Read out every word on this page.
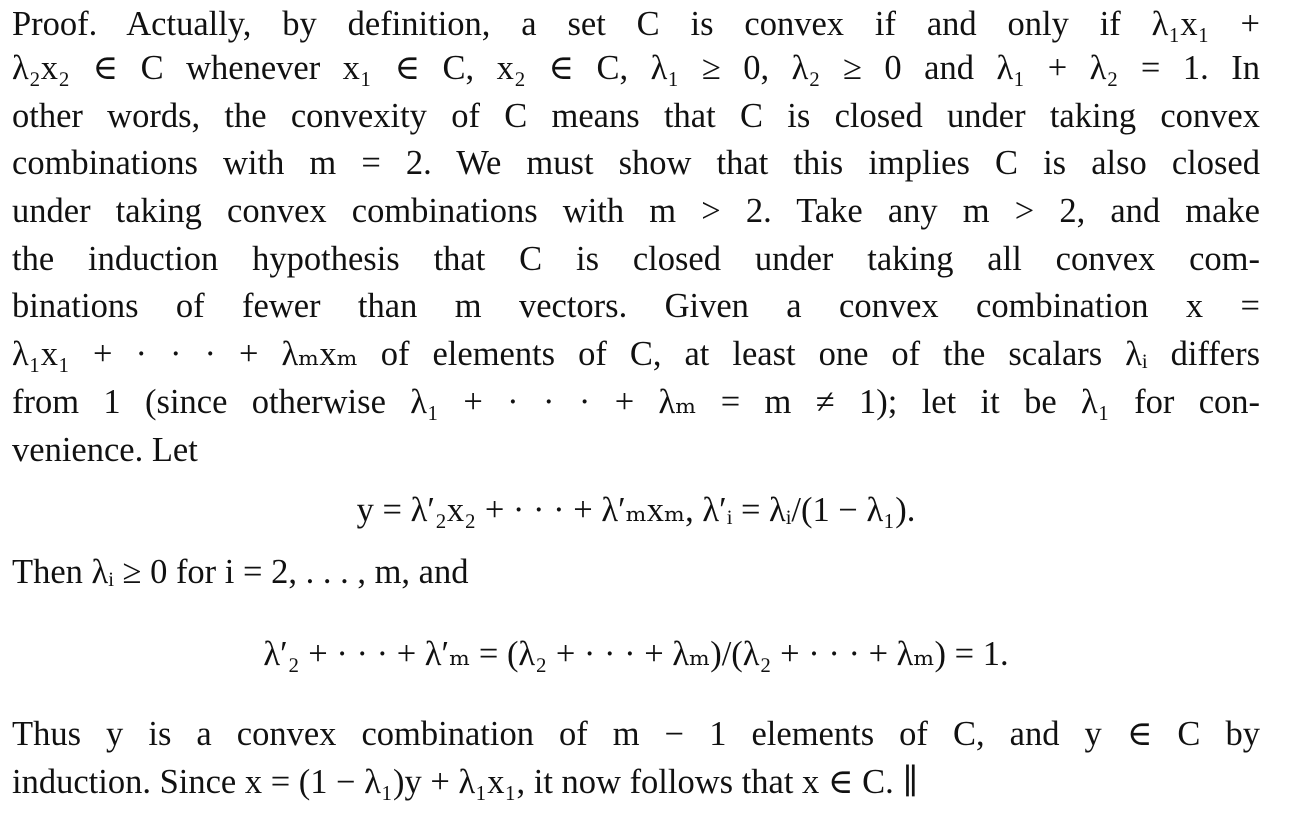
Proof. Actually, by definition, a set C is convex if and only if λ₁x₁ +
λ₂x₂ ∈ C whenever x₁ ∈ C, x₂ ∈ C, λ₁ ≥ 0, λ₂ ≥ 0 and λ₁ + λ₂ = 1. In
other words, the convexity of C means that C is closed under taking convex
combinations with m = 2. We must show that this implies C is also closed
under taking convex combinations with m > 2. Take any m > 2, and make
the induction hypothesis that C is closed under taking all convex com-
binations of fewer than m vectors. Given a convex combination x =
λ₁x₁ + · · · + λₘxₘ of elements of C, at least one of the scalars λᵢ differs
from 1 (since otherwise λ₁ + · · · + λₘ = m ≠ 1); let it be λ₁ for con-
venience. Let
y = λ′₂x₂ + · · · + λ′ₘxₘ, λ′ᵢ = λᵢ/(1 − λ₁).
Then λᵢ ≥ 0 for i = 2, . . . , m, and
λ′₂ + · · · + λ′ₘ = (λ₂ + · · · + λₘ)/(λ₂ + · · · + λₘ) = 1.
Thus y is a convex combination of m − 1 elements of C, and y ∈ C by
induction. Since x = (1 − λ₁)y + λ₁x₁, it now follows that x ∈ C. ∥
